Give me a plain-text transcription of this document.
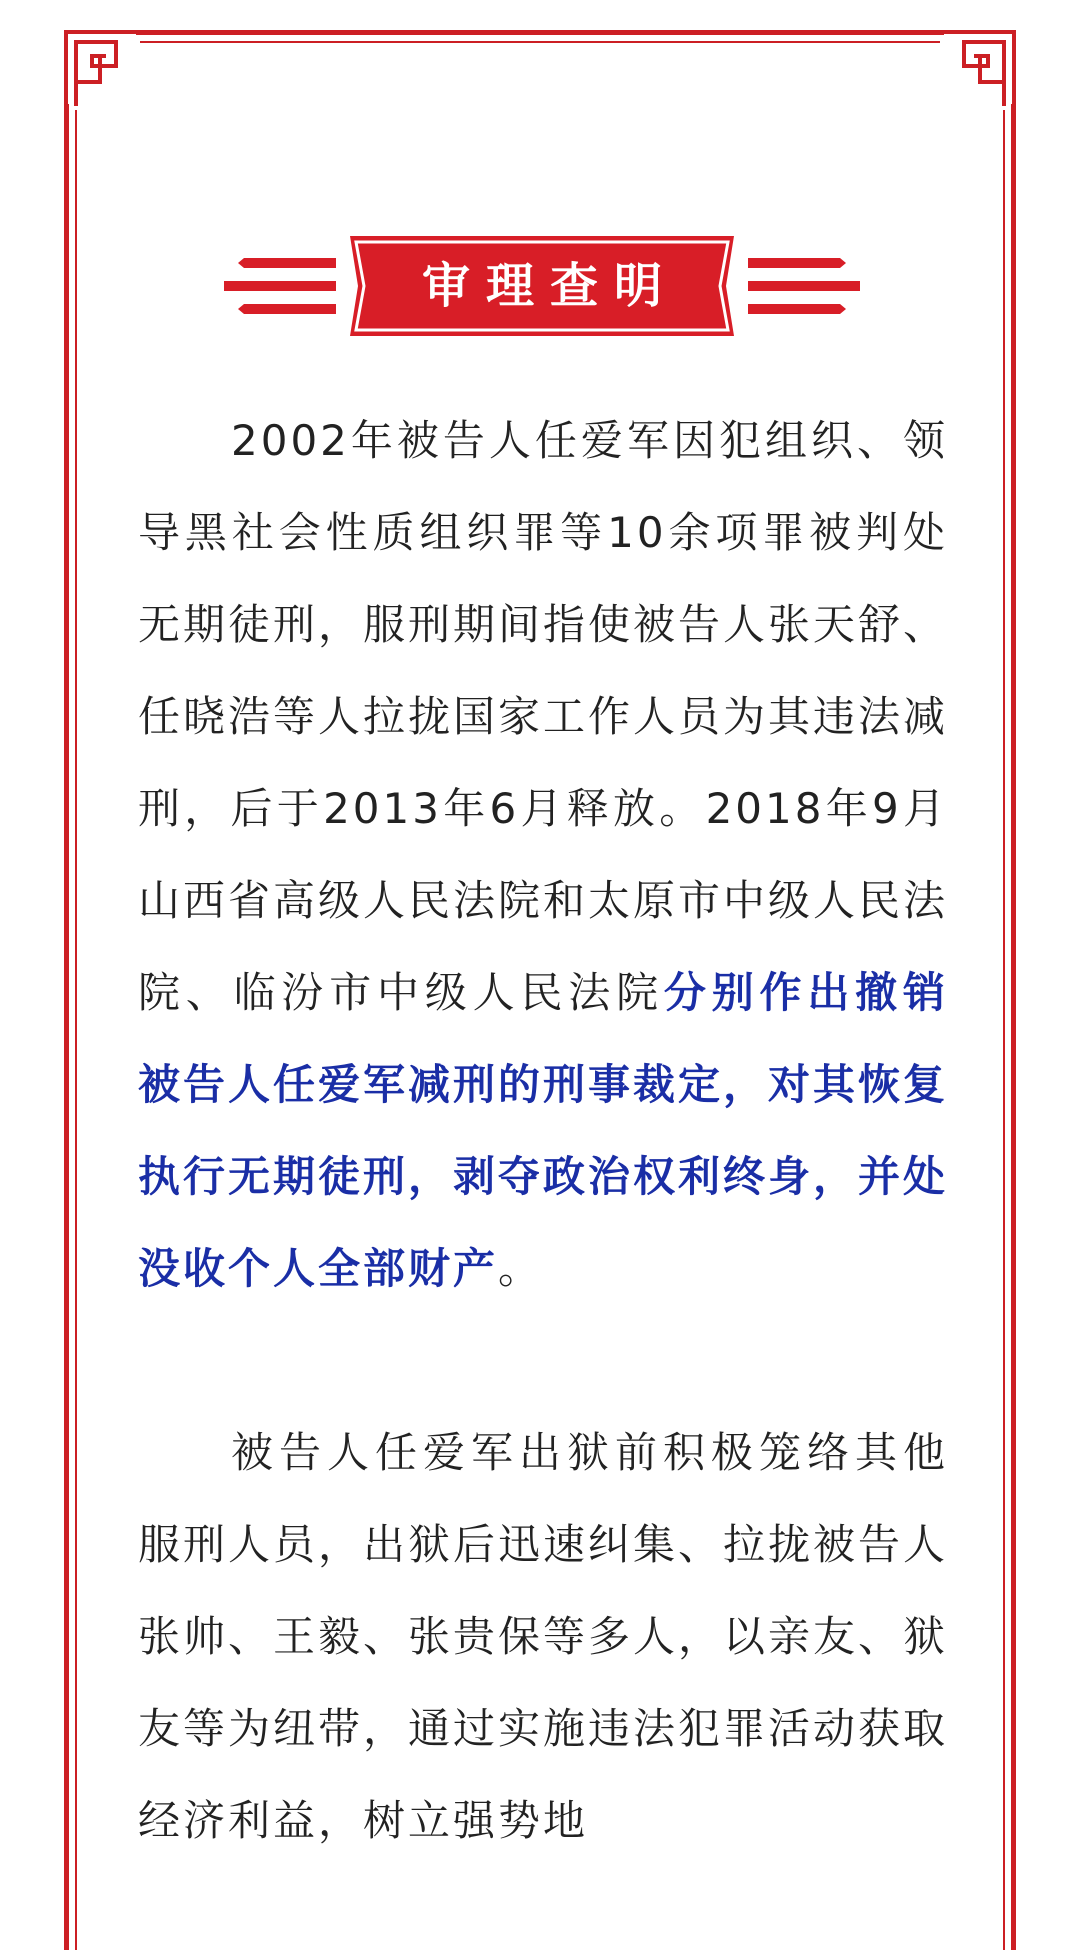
审理查明

2002年被告人任爱军因犯组织、领导黑社会性质组织罪等10余项罪被判处无期徒刑，服刑期间指使被告人张天舒、任晓浩等人拉拢国家工作人员为其违法减刑，后于2013年6月释放。2018年9月山西省高级人民法院和太原市中级人民法院、临汾市中级人民法院分别作出撤销被告人任爱军减刑的刑事裁定，对其恢复执行无期徒刑，剥夺政治权利终身，并处没收个人全部财产。

被告人任爱军出狱前积极笼络其他服刑人员，出狱后迅速纠集、拉拢被告人张帅、王毅、张贵保等多人，以亲友、狱友等为纽带，通过实施违法犯罪活动获取经济利益，树立强势地
